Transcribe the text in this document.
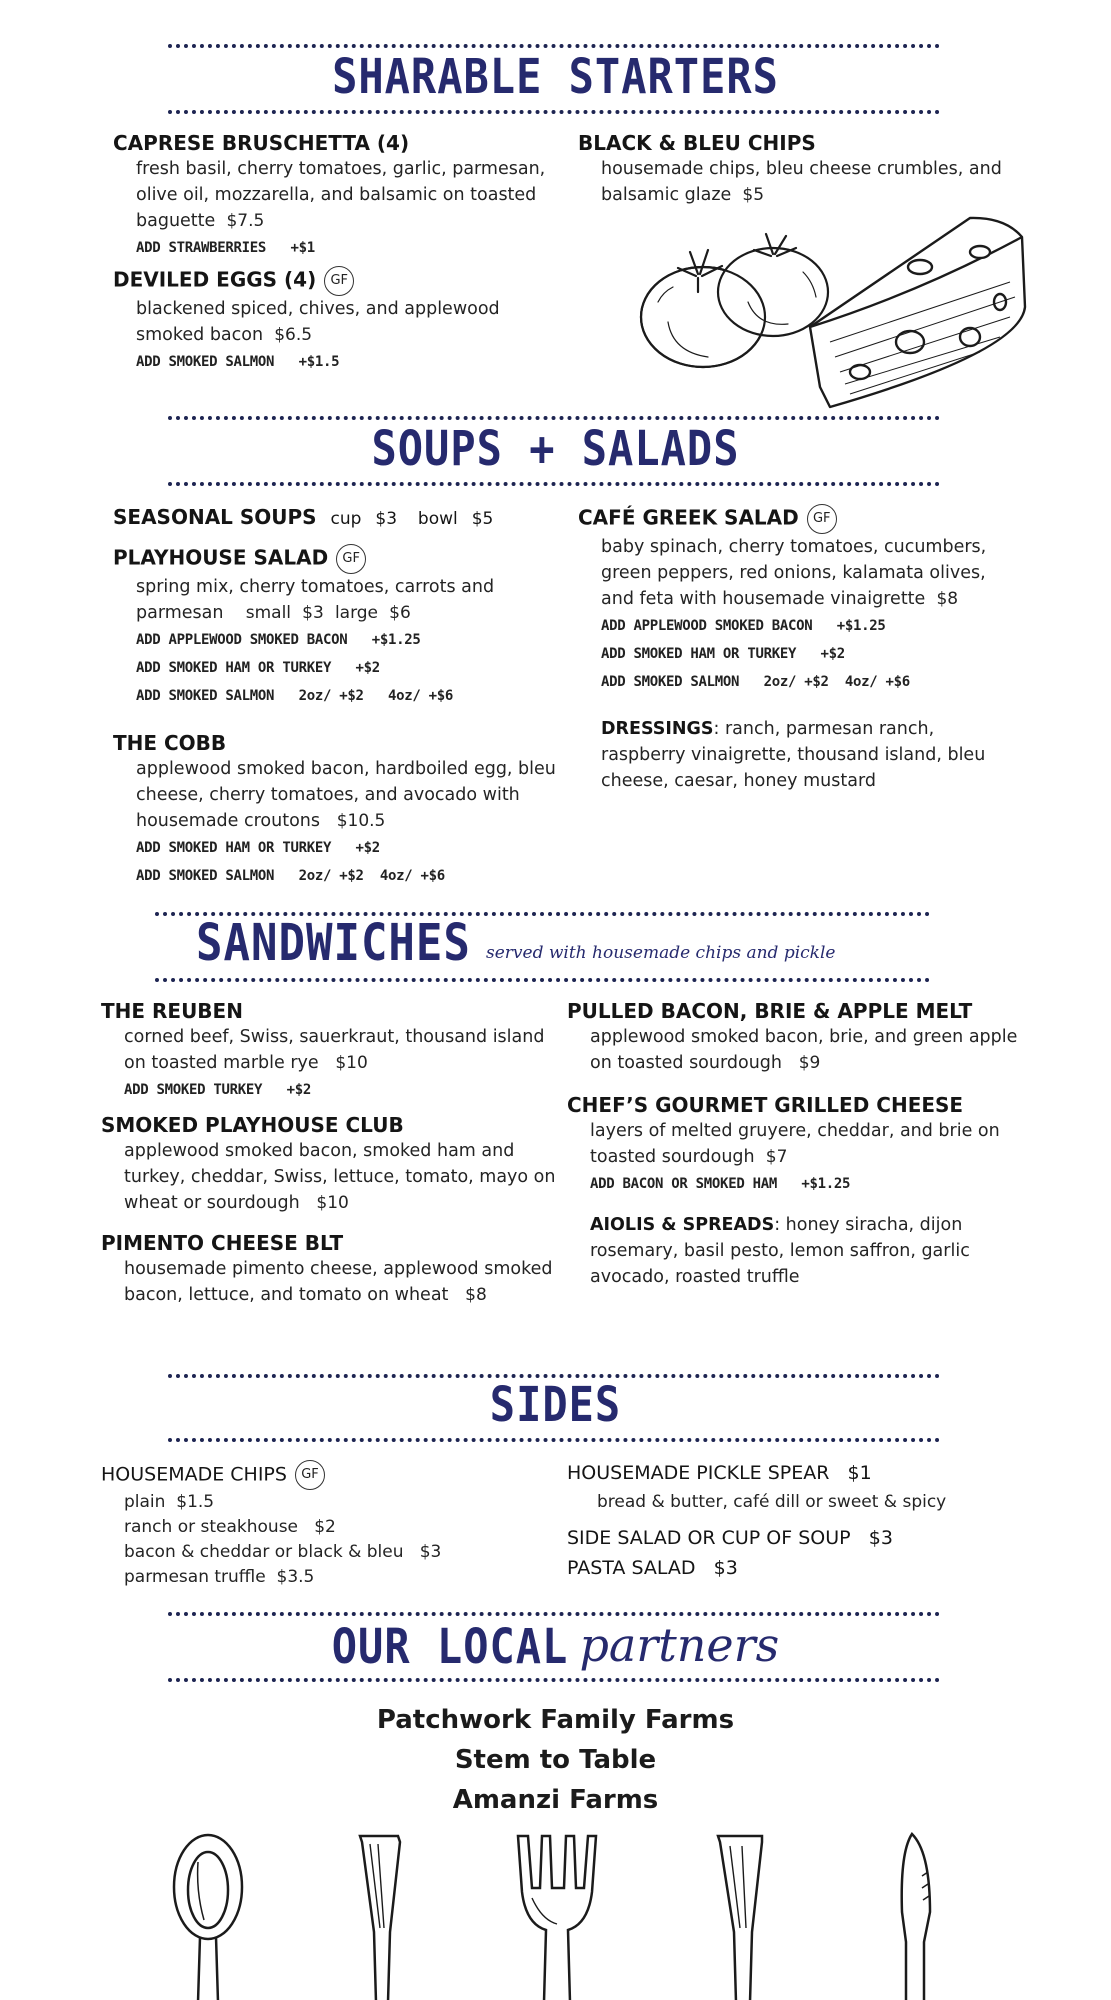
SHARABLE STARTERS
CAPRESE BRUSCHETTA (4)
fresh basil, cherry tomatoes, garlic, parmesan, olive oil, mozzarella, and balsamic on toasted baguette $7.5
ADD STRAWBERRIES +$1
DEVILED EGGS (4) GF
blackened spiced, chives, and applewood smoked bacon $6.5
ADD SMOKED SALMON +$1.5
BLACK & BLEU CHIPS
housemade chips, bleu cheese crumbles, and balsamic glaze $5
SOUPS + SALADS
SEASONAL SOUPS cup $3 bowl $5
PLAYHOUSE SALAD GF
spring mix, cherry tomatoes, carrots and parmesan small $3 large $6
ADD APPLEWOOD SMOKED BACON +$1.25
ADD SMOKED HAM OR TURKEY +$2
ADD SMOKED SALMON 2oz/ +$2 4oz/ +$6
THE COBB
applewood smoked bacon, hardboiled egg, bleu cheese, cherry tomatoes, and avocado with housemade croutons $10.5
ADD SMOKED HAM OR TURKEY +$2
ADD SMOKED SALMON 2oz/ +$2 4oz/ +$6
CAFÉ GREEK SALAD GF
baby spinach, cherry tomatoes, cucumbers, green peppers, red onions, kalamata olives, and feta with housemade vinaigrette $8
ADD APPLEWOOD SMOKED BACON +$1.25
ADD SMOKED HAM OR TURKEY +$2
ADD SMOKED SALMON 2oz/ +$2 4oz/ +$6
DRESSINGS: ranch, parmesan ranch, raspberry vinaigrette, thousand island, bleu cheese, caesar, honey mustard
SANDWICHES served with housemade chips and pickle
THE REUBEN
corned beef, Swiss, sauerkraut, thousand island on toasted marble rye $10
ADD SMOKED TURKEY +$2
SMOKED PLAYHOUSE CLUB
applewood smoked bacon, smoked ham and turkey, cheddar, Swiss, lettuce, tomato, mayo on wheat or sourdough $10
PIMENTO CHEESE BLT
housemade pimento cheese, applewood smoked bacon, lettuce, and tomato on wheat $8
PULLED BACON, BRIE & APPLE MELT
applewood smoked bacon, brie, and green apple on toasted sourdough $9
CHEF’S GOURMET GRILLED CHEESE
layers of melted gruyere, cheddar, and brie on toasted sourdough $7
ADD BACON OR SMOKED HAM +$1.25
AIOLIS & SPREADS: honey siracha, dijon rosemary, basil pesto, lemon saffron, garlic avocado, roasted truffle
SIDES
HOUSEMADE CHIPS GF
plain $1.5
ranch or steakhouse $2
bacon & cheddar or black & bleu $3
parmesan truffle $3.5
HOUSEMADE PICKLE SPEAR $1
bread & butter, café dill or sweet & spicy
SIDE SALAD OR CUP OF SOUP $3
PASTA SALAD $3
OUR LOCAL partners
Patchwork Family Farms
Stem to Table
Amanzi Farms
